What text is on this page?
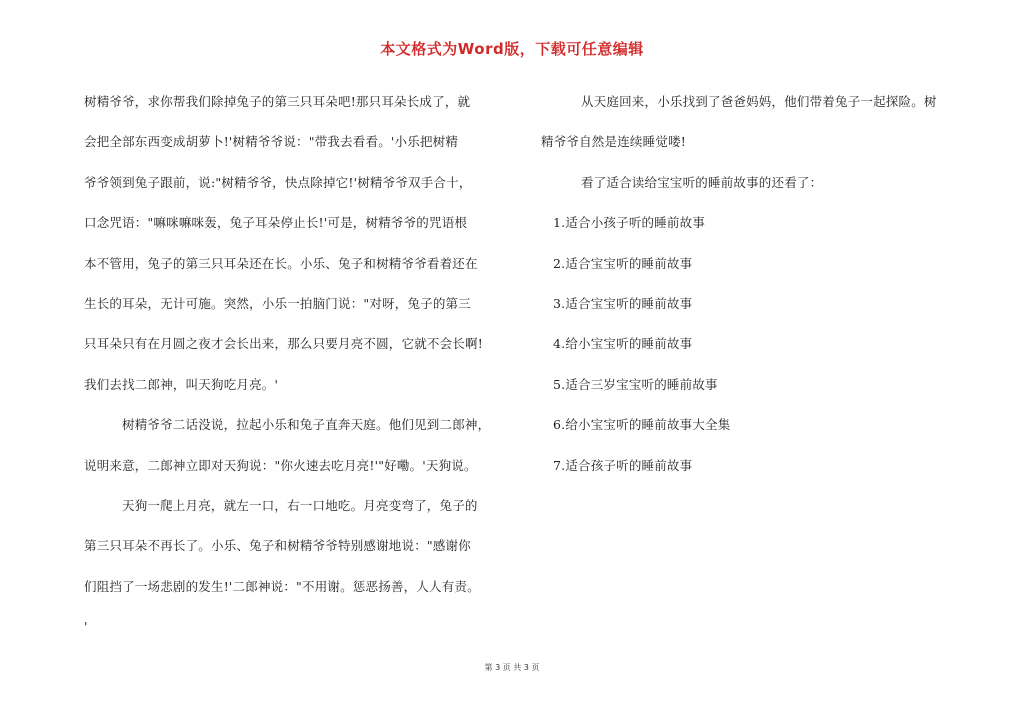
本文格式为Word版，下载可任意编辑
树精爷爷，求你帮我们除掉兔子的第三只耳朵吧!那只耳朵长成了，就
会把全部东西变成胡萝卜!'树精爷爷说："带我去看看。'小乐把树精
爷爷领到兔子跟前，说:"树精爷爷，快点除掉它!'树精爷爷双手合十，
口念咒语："嘛咪嘛咪轰，兔子耳朵停止长!'可是，树精爷爷的咒语根
本不管用，兔子的第三只耳朵还在长。小乐、兔子和树精爷爷看着还在
生长的耳朵，无计可施。突然，小乐一拍脑门说："对呀，兔子的第三
只耳朵只有在月圆之夜才会长出来，那么只要月亮不圆，它就不会长啊!
我们去找二郎神，叫天狗吃月亮。'
树精爷爷二话没说，拉起小乐和兔子直奔天庭。他们见到二郎神，
说明来意，二郎神立即对天狗说："你火速去吃月亮!'"好嘞。'天狗说。
天狗一爬上月亮，就左一口，右一口地吃。月亮变弯了，兔子的
第三只耳朵不再长了。小乐、兔子和树精爷爷特别感谢地说："感谢你
们阻挡了一场悲剧的发生!'二郎神说："不用谢。惩恶扬善，人人有责。
'
从天庭回来，小乐找到了爸爸妈妈，他们带着兔子一起探险。树
精爷爷自然是连续睡觉喽!
看了适合读给宝宝听的睡前故事的还看了：
1.适合小孩子听的睡前故事
2.适合宝宝听的睡前故事
3.适合宝宝听的睡前故事
4.给小宝宝听的睡前故事
5.适合三岁宝宝听的睡前故事
6.给小宝宝听的睡前故事大全集
7.适合孩子听的睡前故事
第 3 页 共 3 页
